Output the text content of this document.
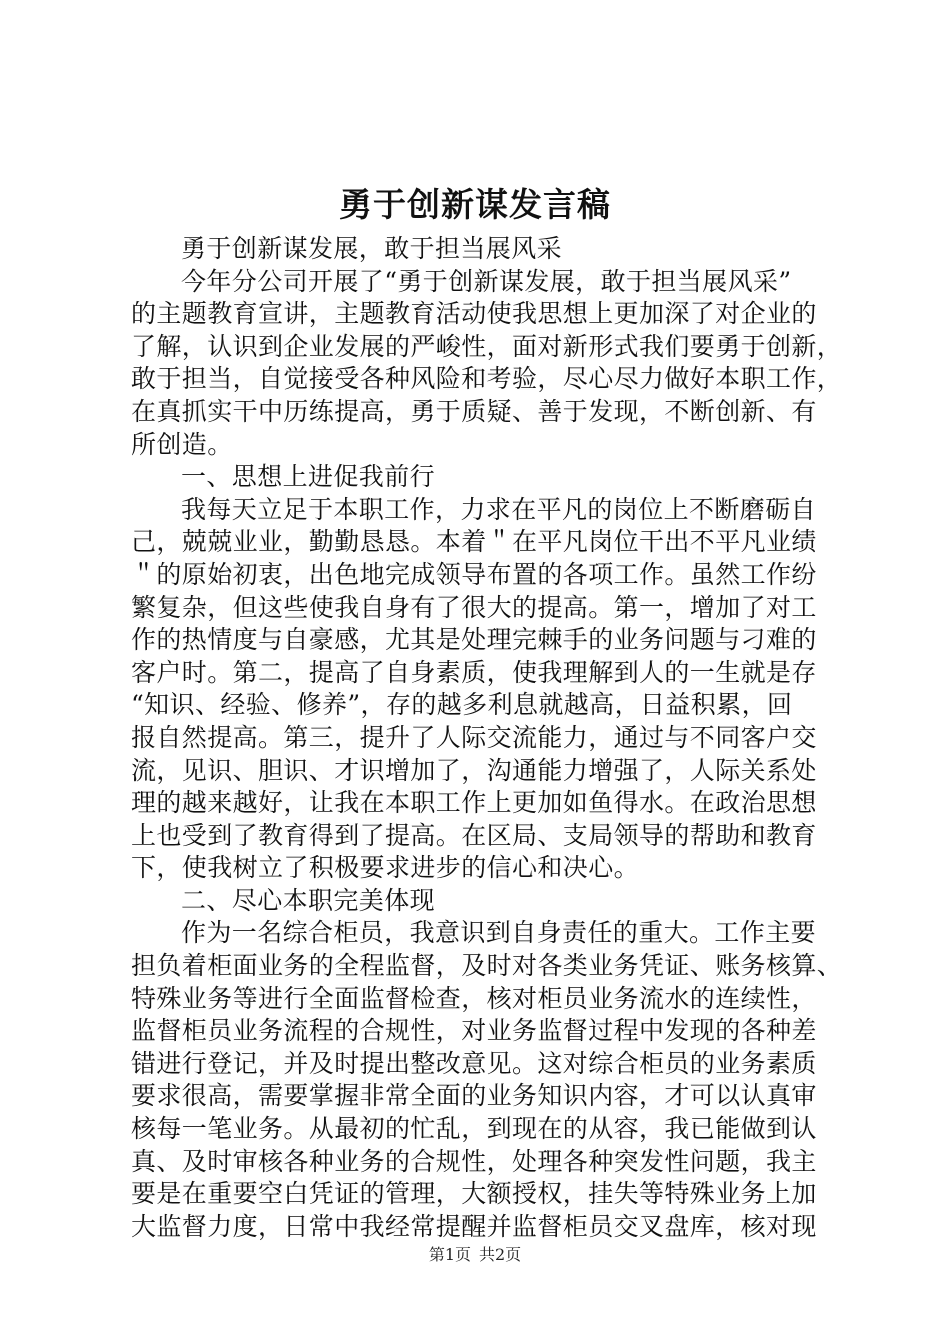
勇于创新谋发言稿
勇于创新谋发展，敢于担当展风采
今年分公司开展了“勇于创新谋发展，敢于担当展风采”
的主题教育宣讲，主题教育活动使我思想上更加深了对企业的
了解，认识到企业发展的严峻性，面对新形式我们要勇于创新，
敢于担当，自觉接受各种风险和考验，尽心尽力做好本职工作，
在真抓实干中历练提高，勇于质疑、善于发现，不断创新、有
所创造。
一、思想上进促我前行
我每天立足于本职工作，力求在平凡的岗位上不断磨砺自
己，兢兢业业，勤勤恳恳。本着＂在平凡岗位干出不平凡业绩
＂的原始初衷，出色地完成领导布置的各项工作。虽然工作纷
繁复杂，但这些使我自身有了很大的提高。第一，增加了对工
作的热情度与自豪感，尤其是处理完棘手的业务问题与刁难的
客户时。第二，提高了自身素质，使我理解到人的一生就是存
“知识、经验、修养”，存的越多利息就越高，日益积累，回
报自然提高。第三，提升了人际交流能力，通过与不同客户交
流，见识、胆识、才识增加了，沟通能力增强了，人际关系处
理的越来越好，让我在本职工作上更加如鱼得水。在政治思想
上也受到了教育得到了提高。在区局、支局领导的帮助和教育
下，使我树立了积极要求进步的信心和决心。
二、尽心本职完美体现
作为一名综合柜员，我意识到自身责任的重大。工作主要
担负着柜面业务的全程监督，及时对各类业务凭证、账务核算、
特殊业务等进行全面监督检查，核对柜员业务流水的连续性，
监督柜员业务流程的合规性，对业务监督过程中发现的各种差
错进行登记，并及时提出整改意见。这对综合柜员的业务素质
要求很高，需要掌握非常全面的业务知识内容，才可以认真审
核每一笔业务。从最初的忙乱，到现在的从容，我已能做到认
真、及时审核各种业务的合规性，处理各种突发性问题，我主
要是在重要空白凭证的管理，大额授权，挂失等特殊业务上加
大监督力度，日常中我经常提醒并监督柜员交叉盘库，核对现
第1页 共2页
